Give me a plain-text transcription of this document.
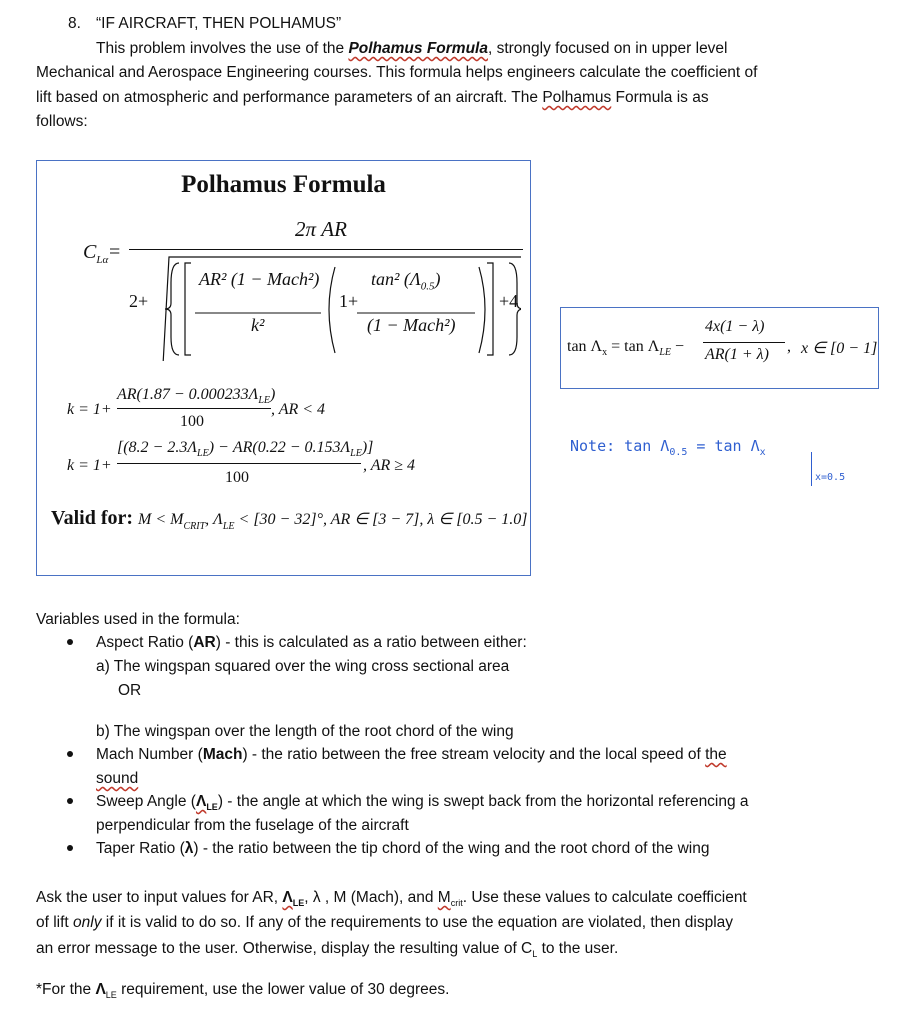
8. “IF AIRCRAFT, THEN POLHAMUS”
This problem involves the use of the Polhamus Formula, strongly focused on in upper level
Mechanical and Aerospace Engineering courses. This formula helps engineers calculate the coefficient of
lift based on atmospheric and performance parameters of an aircraft. The Polhamus Formula is as
follows:
Polhamus Formula
$C_{L\alpha}$ =
2π AR
2+
AR² (1 − Mach²)
k²
1+
tan² $(\Lambda_{0.5})$
(1 − Mach²)
+4
k = 1+
$AR(1.87 - 0.000233\Lambda_{LE})$
100
, AR < 4
k = 1+
$[(8.2 - 2.3\Lambda_{LE}) - AR(0.22 - 0.153\Lambda_{LE})]$
100
, AR ≥ 4
Valid for: $M < M_{CRIT}$, $\Lambda_{LE} < [30 - 32]^\circ$, AR ∈ [3 − 7], λ ∈ [0.5 − 1.0]
$\tan \Lambda_x = \tan \Lambda_{LE}$ −
4x(1 − λ)
AR(1 + λ) , x ∈ [0 − 1]
Note: $\tan \Lambda_{0.5} = \tan \Lambda_x$
x=0.5
Variables used in the formula:
Aspect Ratio (AR) - this is calculated as a ratio between either:
a) The wingspan squared over the wing cross sectional area
OR
b) The wingspan over the length of the root chord of the wing
Mach Number (Mach) - the ratio between the free stream velocity and the local speed of the
sound
Sweep Angle $(\Lambda_{LE})$ - the angle at which the wing is swept back from the horizontal referencing a
perpendicular from the fuselage of the aircraft
Taper Ratio (λ) - the ratio between the tip chord of the wing and the root chord of the wing
Ask the user to input values for AR, $\Lambda_{LE}$, λ , M (Mach), and $M_{crit}$. Use these values to calculate coefficient
of lift only if it is valid to do so. If any of the requirements to use the equation are violated, then display
an error message to the user. Otherwise, display the resulting value of $C_L$ to the user.
*For the $\Lambda_{LE}$ requirement, use the lower value of 30 degrees.
